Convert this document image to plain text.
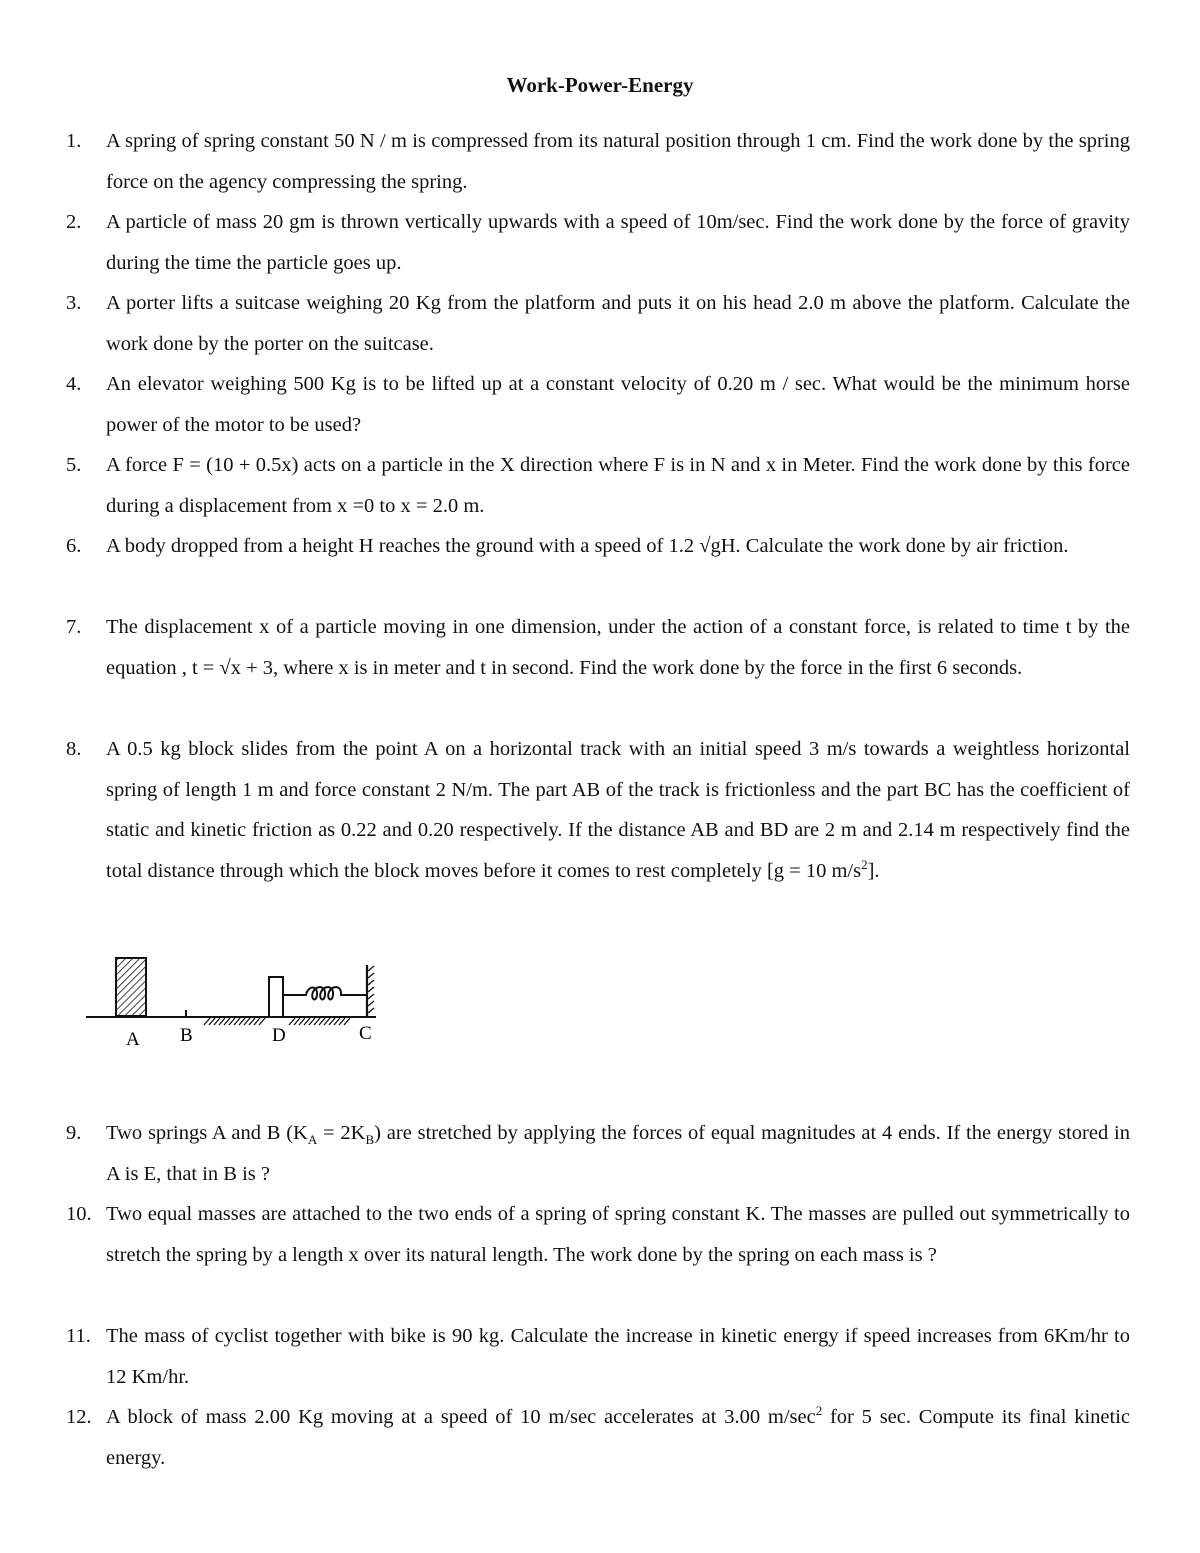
Work-Power-Energy
1.	A spring of spring constant 50 N / m is compressed from its natural position through 1 cm. Find the work done by the spring force on the agency compressing the spring.
2.	A particle of mass 20 gm is thrown vertically upwards with a speed of 10m/sec. Find the work done by the force of gravity during the time the particle goes up.
3.	A porter lifts a suitcase weighing 20 Kg from the platform and puts it on his head 2.0 m above the platform. Calculate the work done by the porter on the suitcase.
4.	An elevator weighing 500 Kg is to be lifted up at a constant velocity of 0.20 m / sec. What would be the minimum horse power of the motor to be used?
5.	A force F = (10 + 0.5x) acts on a particle in the X direction where F is in N and x in Meter. Find the work done by this force during a displacement from x =0 to x = 2.0 m.
6.	A body dropped from a height H reaches the ground with a speed of 1.2 √gH. Calculate the work done by air friction.
7.	The displacement x of a particle moving in one dimension, under the action of a constant force, is related to time t by the equation , t = √x + 3, where x is in meter and t in second. Find the work done by the force in the first 6 seconds.
8.	A 0.5 kg block slides from the point A on a horizontal track with an initial speed 3 m/s towards a weightless horizontal spring of length 1 m and force constant 2 N/m. The part AB of the track is frictionless and the part BC has the coefficient of static and kinetic friction as 0.22 and 0.20 respectively. If the distance AB and BD are 2 m and 2.14 m respectively find the total distance through which the block moves before it comes to rest completely [g = 10 $m/s^2$].
A B	D	C
9.	Two springs A and B $(K_A = 2K_B)$ are stretched by applying the forces of equal magnitudes at 4 ends. If the energy stored in A is E, that in B is ?
10. Two equal masses are attached to the two ends of a spring of spring constant K. The masses are pulled out symmetrically to stretch the spring by a length x over its natural length. The work done by the spring on each mass is ?
11. The mass of cyclist together with bike is 90 kg. Calculate the increase in kinetic energy if speed increases from 6Km/hr to 12 Km/hr.
12. A block of mass 2.00 Kg moving at a speed of 10 m/sec accelerates at 3.00 $m/\sec^2$ for 5 sec. Compute its final kinetic energy.
